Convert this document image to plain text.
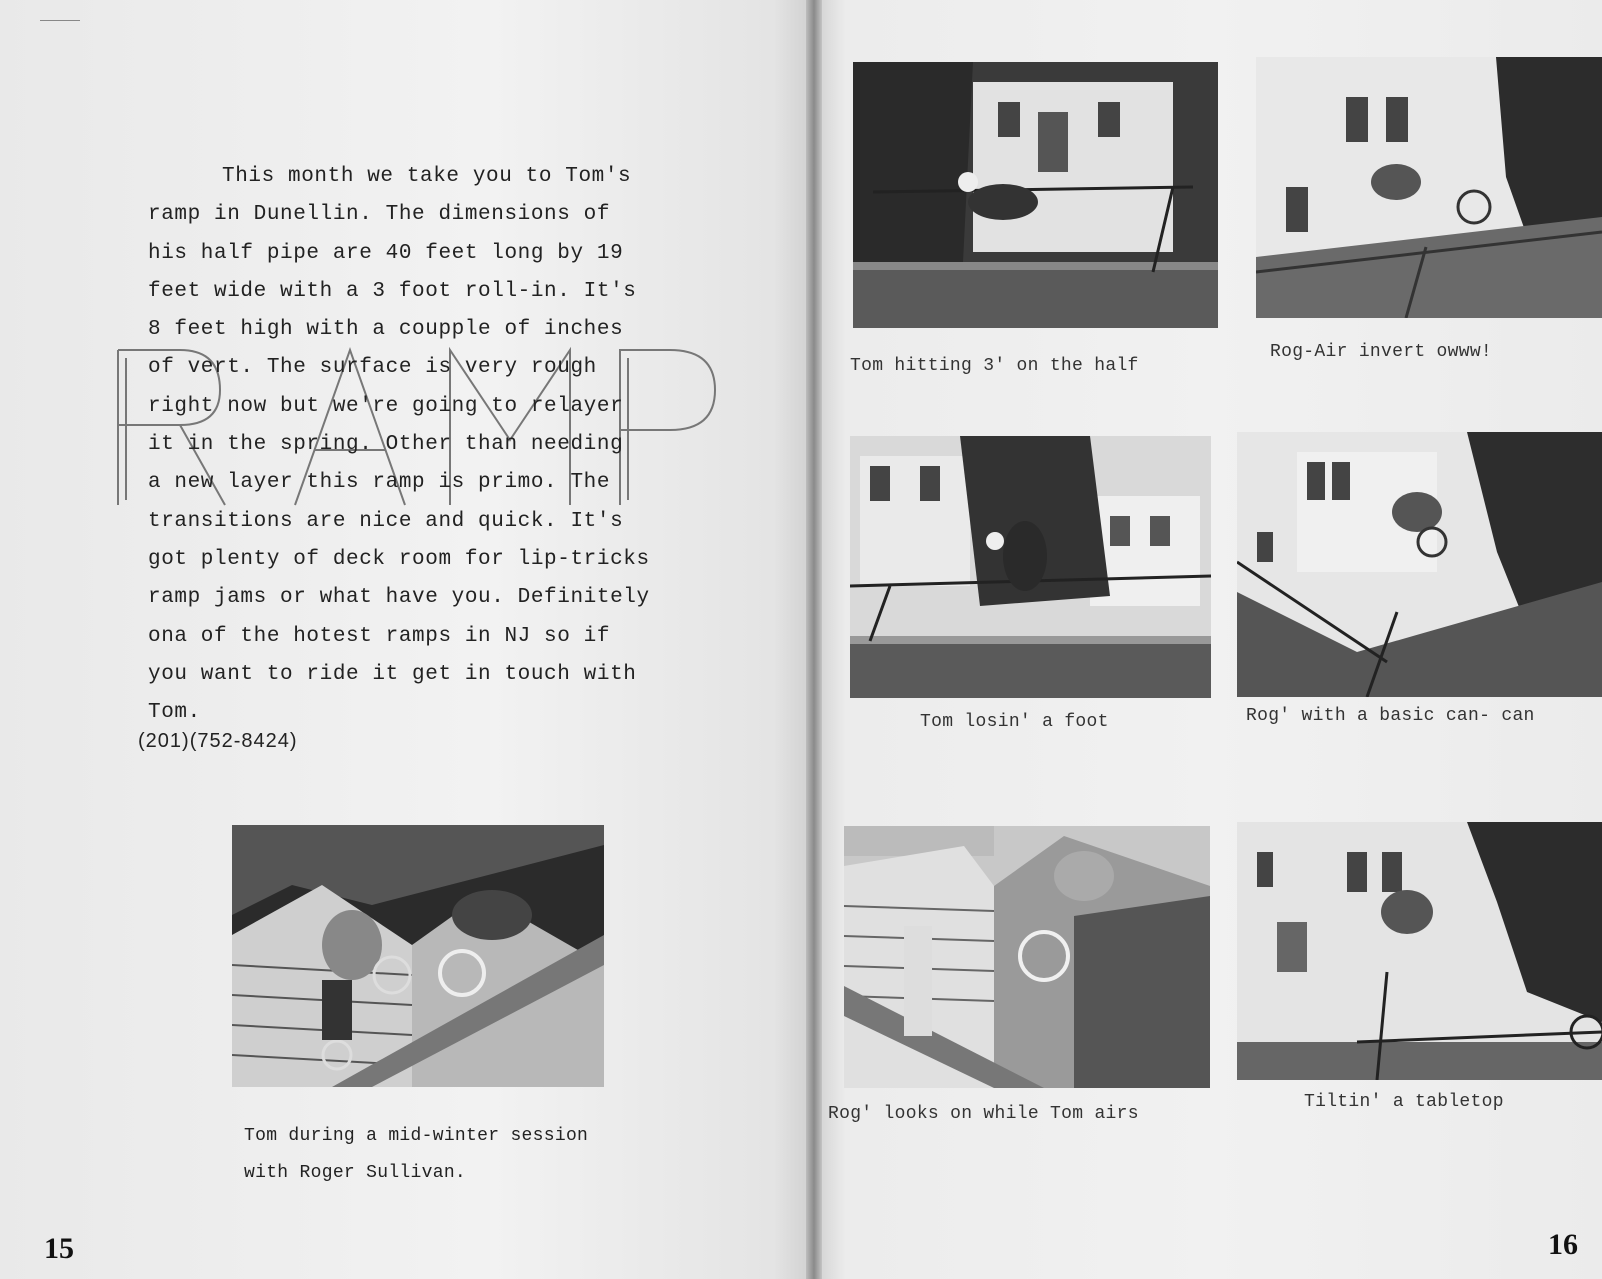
This month we take you to Tom's
ramp in Dunellin. The dimensions of
his half pipe are 40 feet long by 19
feet wide with a 3 foot roll-in. It's
8 feet high with a coupple of inches
of vert. The surface is very rough
right now but we're going to relayer
it in the spring. Other than needing
a new layer this ramp is primo. The
transitions are nice and quick. It's
got plenty of deck room for lip-tricks
ramp jams or what have you. Definitely
ona of the hotest ramps in NJ so if
you want to ride it get in touch with
Tom.
(201)(752-8424)
Tom during a mid-winter session
with Roger Sullivan.
15
Tom hitting 3' on the half
Rog-Air invert owww!
Tom losin' a foot	Rog' with a basic can- can
Rog' looks on while Tom airs
Tiltin' a tabletop
16
